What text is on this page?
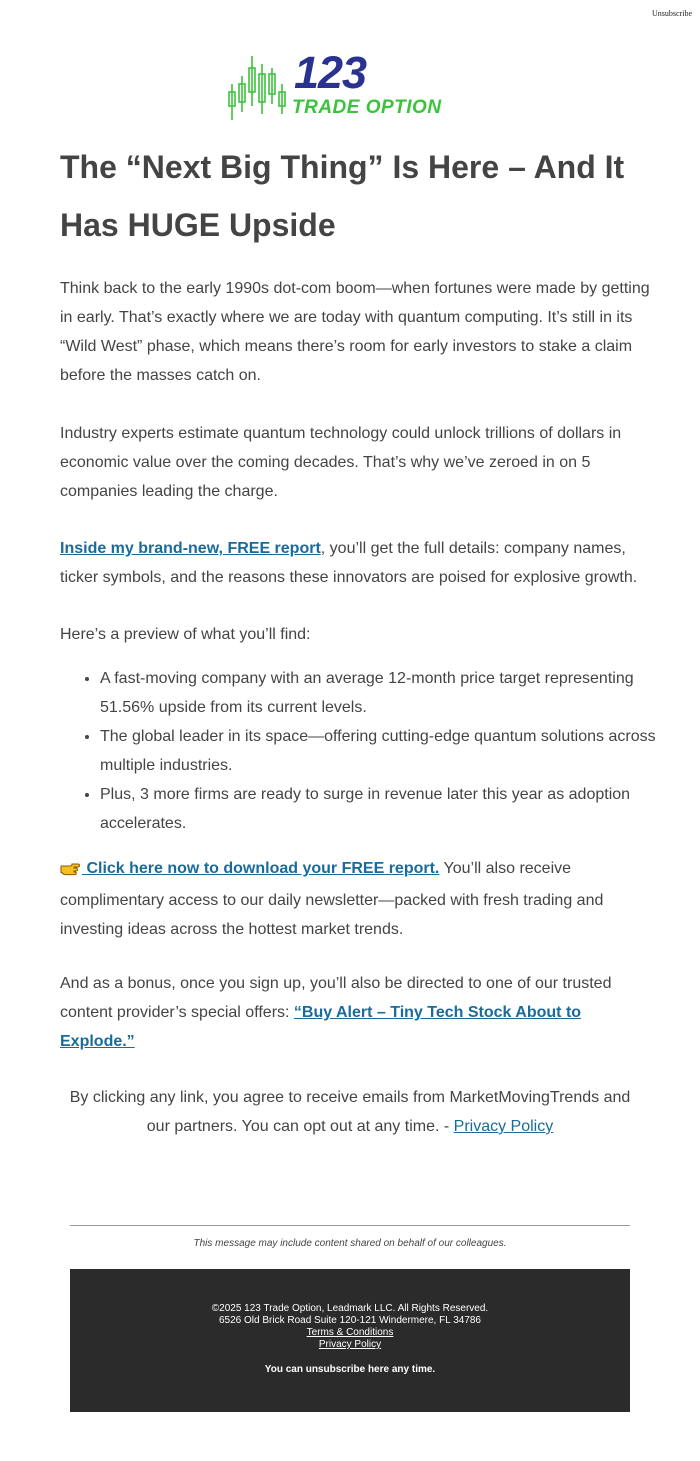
Unsubscribe
123
TRADE OPTION
The “Next Big Thing” Is Here – And It Has HUGE Upside

Think back to the early 1990s dot-com boom—when fortunes were made by getting in early. That’s exactly where we are today with quantum computing. It’s still in its “Wild West” phase, which means there’s room for early investors to stake a claim before the masses catch on.

Industry experts estimate quantum technology could unlock trillions of dollars in economic value over the coming decades. That’s why we’ve zeroed in on 5 companies leading the charge.

Inside my brand-new, FREE report, you’ll get the full details: company names, ticker symbols, and the reasons these innovators are poised for explosive growth.

Here’s a preview of what you’ll find:

• A fast-moving company with an average 12-month price target representing 51.56% upside from its current levels.
• The global leader in its space—offering cutting-edge quantum solutions across multiple industries.
• Plus, 3 more firms are ready to surge in revenue later this year as adoption accelerates.

Click here now to download your FREE report. You’ll also receive complimentary access to our daily newsletter—packed with fresh trading and investing ideas across the hottest market trends.

And as a bonus, once you sign up, you’ll also be directed to one of our trusted content provider’s special offers: “Buy Alert – Tiny Tech Stock About to Explode.”

By clicking any link, you agree to receive emails from MarketMovingTrends and our partners. You can opt out at any time. - Privacy Policy

This message may include content shared on behalf of our colleagues.
©2025 123 Trade Option, Leadmark LLC. All Rights Reserved.
6526 Old Brick Road Suite 120-121 Windermere, FL 34786
Terms & Conditions
Privacy Policy
You can unsubscribe here any time.
